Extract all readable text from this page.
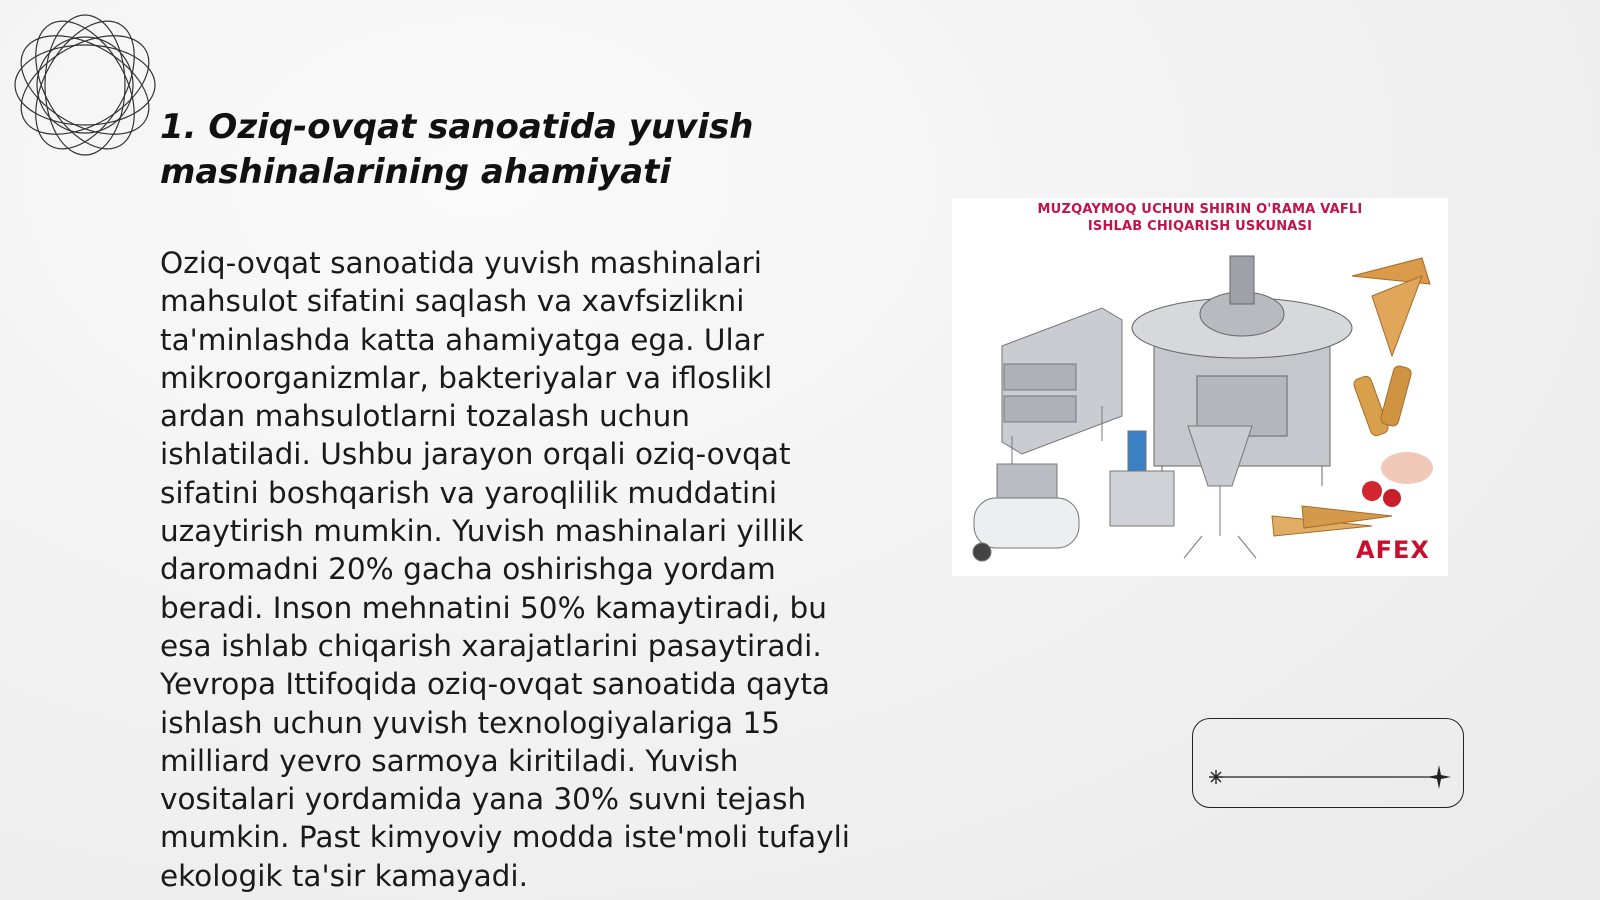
1. Oziq-ovqat sanoatida yuvish mashinalarining ahamiyati

Oziq-ovqat sanoatida yuvish mashinalari mahsulot sifatini saqlash va xavfsizlikni ta'minlashda katta ahamiyatga ega. Ular mikroorganizmlar, bakteriyalar va ifloslikl ardan mahsulotlarni tozalash uchun ishlatiladi. Ushbu jarayon orqali oziq-ovqat sifatini boshqarish va yaroqlilik muddatini uzaytirish mumkin. Yuvish mashinalari yillik daromadni 20% gacha oshirishga yordam beradi. Inson mehnatini 50% kamaytiradi, bu esa ishlab chiqarish xarajatlarini pasaytiradi. Yevropa Ittifoqida oziq-ovqat sanoatida qayta ishlash uchun yuvish texnologiyalariga 15 milliard yevro sarmoya kiritiladi. Yuvish vositalari yordamida yana 30% suvni tejash mumkin. Past kimyoviy modda iste'moli tufayli ekologik ta'sir kamayadi.

MUZQAYMOQ UCHUN SHIRIN O'RAMA VAFLI
ISHLAB CHIQARISH USKUNASI
AFEX
